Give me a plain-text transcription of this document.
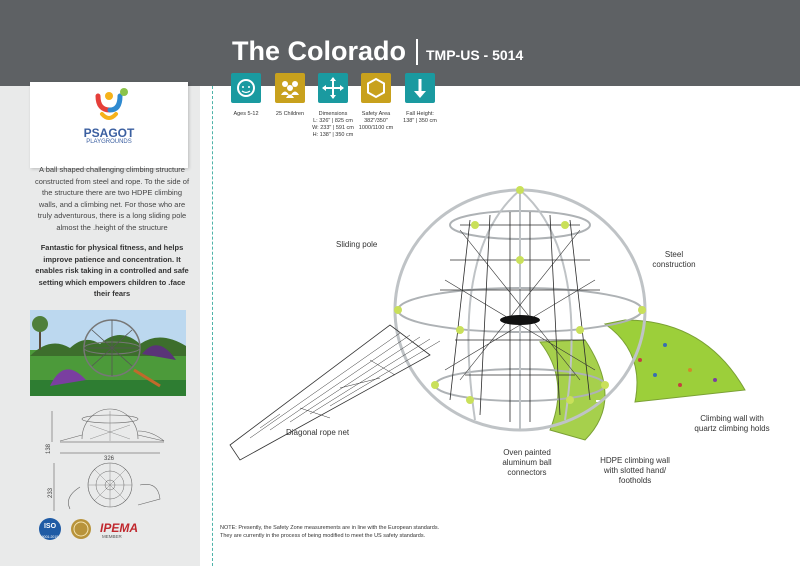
The Colorado TMP-US - 5014
PSAGOT
PLAYGROUNDS
A ball shaped challenging climbing structure constructed from steel and rope. To the side of the structure there are two HDPE climbing walls, and a climbing net. For those who are truly adventurous, there is a long sliding pole almost the .height of the structure
Fantastic for physical fitness, and helps improve patience and concentration. It enables risk taking in a controlled and safe setting which empowers children to .face their fears
138
326
233
ISO
9001:2015
IPEMA
MEMBER
Ages 5-12	25 Children	Dimensions
L: 326" | 825 cm
W: 233" | 591 cm
H: 138" | 350 cm
Safety Area
382"/350"
1000/1100 cm
Fall Height:
138" | 350 cm
Sliding pole
Steel construction
Diagonal rope net
Oven painted aluminum ball connectors
HDPE climbing wall with slotted hand/ footholds
Climbing wall with quartz climbing holds
NOTE: Presently, the Safety Zone measurements are in line with the European standards.
They are currently in the process of being modified to meet the US safety standards.
